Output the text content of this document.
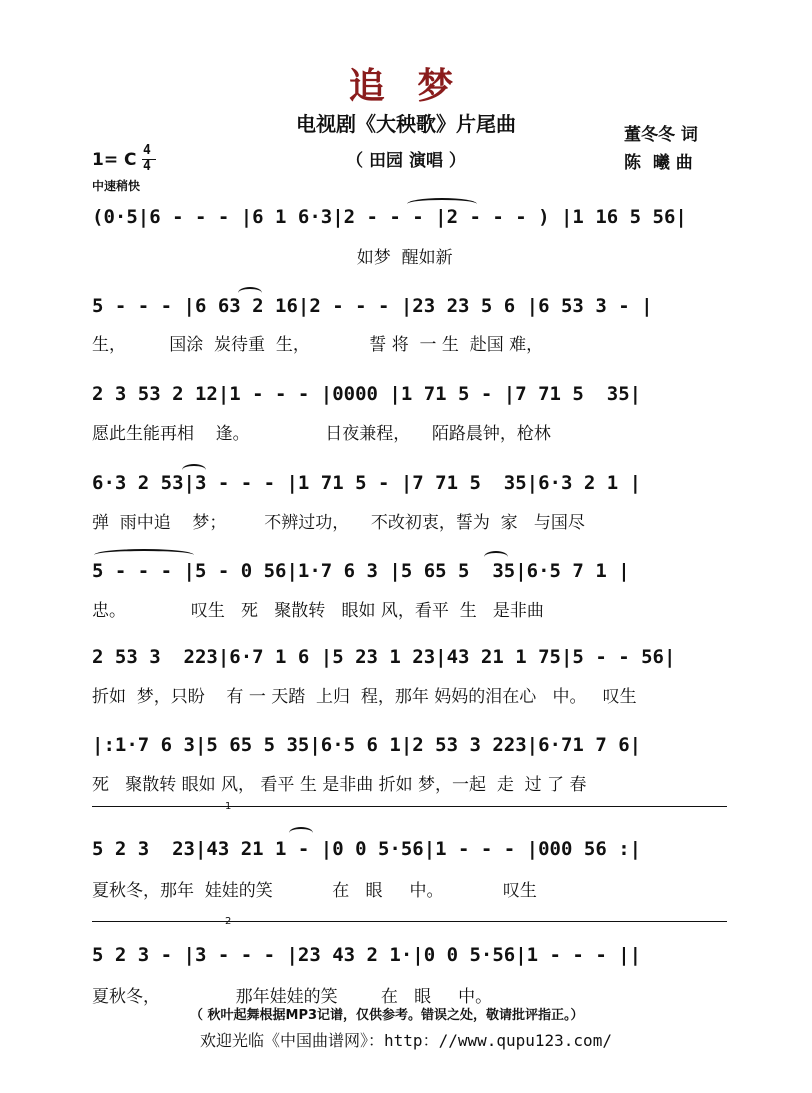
追 梦
电视剧《大秧歌》片尾曲
（ 田园 演唱 ）
董冬冬 词
陈  曦 曲
1= C 4
4
中速稍快
(0·5|6 - - - |6 1 6·3|2 - - - |2 - - - ) |1 16 5 56|
如梦  醒如新
5 - - - |6 63 2 16|2 - - - |23 23 5 6 |6 53 3 - |
生，        国涂  炭待重  生，           誓 将  一 生  赴国 难，
2 3 53 2 12|1 - - - |0000 |1 71 5 - |7 71 5  35|
愿此生能再相    逢。              日夜兼程，    陌路晨钟，枪林
6·3 2 53|3 - - - |1 71 5 - |7 71 5  35|6·3 2 1 |
弹  雨中追    梦；       不辨过功，    不改初衷，誓为  家   与国尽
5 - - - |5 - 0 56|1·7 6 3 |5 65 5  35|6·5 7 1 |
忠。            叹生   死   聚散转   眼如 风，看平  生   是非曲
2 53 3  223|6·7 1 6 |5 23 1 23|43 21 1 75|5 - - 56|
折如  梦，只盼    有 一 天踏  上归  程，那年 妈妈的泪在心   中。   叹生
|:1·7 6 3|5 65 5 35|6·5 6 1|2 53 3 223|6·71 7 6|
死   聚散转 眼如 风， 看平 生 是非曲 折如 梦，一起  走  过 了 春
1
5 2 3  23|43 21 1 - |0 0 5·56|1 - - - |000 56 :|
夏秋冬，那年  娃娃的笑           在   眼     中。           叹生
2
5 2 3 - |3 - - - |23 43 2 1·|0 0 5·56|1 - - - ||
夏秋冬，              那年娃娃的笑        在   眼     中。
（ 秋叶起舞根据MP3记谱，仅供参考。错误之处，敬请批评指正。）
欢迎光临《中国曲谱网》：http：//www.qupu123.com/
